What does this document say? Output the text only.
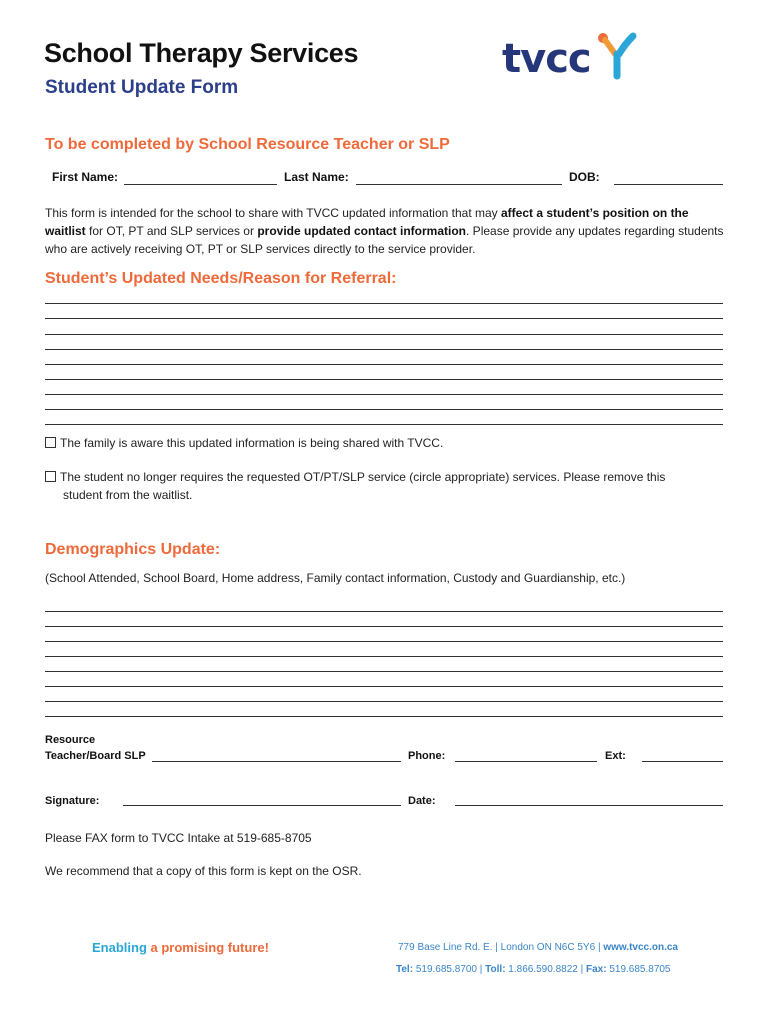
School Therapy Services
Student Update Form
tvcc
To be completed by School Resource Teacher or SLP
First Name:	Last Name:	DOB:
This form is intended for the school to share with TVCC updated information that may affect a student’s position on the waitlist for OT, PT and SLP services or provide updated contact information. Please provide any updates regarding students who are actively receiving OT, PT or SLP services directly to the service provider.
Student’s Updated Needs/Reason for Referral:
The family is aware this updated information is being shared with TVCC.
The student no longer requires the requested OT/PT/SLP service (circle appropriate) services. Please remove this
student from the waitlist.
Demographics Update:
(School Attended, School Board, Home address, Family contact information, Custody and Guardianship, etc.)
Resource
Teacher/Board SLP	Phone:	Ext:
Signature:	Date:
Please FAX form to TVCC Intake at 519-685-8705
We recommend that a copy of this form is kept on the OSR.
Enabling a promising future!	779 Base Line Rd. E. | London ON N6C 5Y6 | www.tvcc.on.ca
Tel: 519.685.8700 | Toll: 1.866.590.8822 | Fax: 519.685.8705
